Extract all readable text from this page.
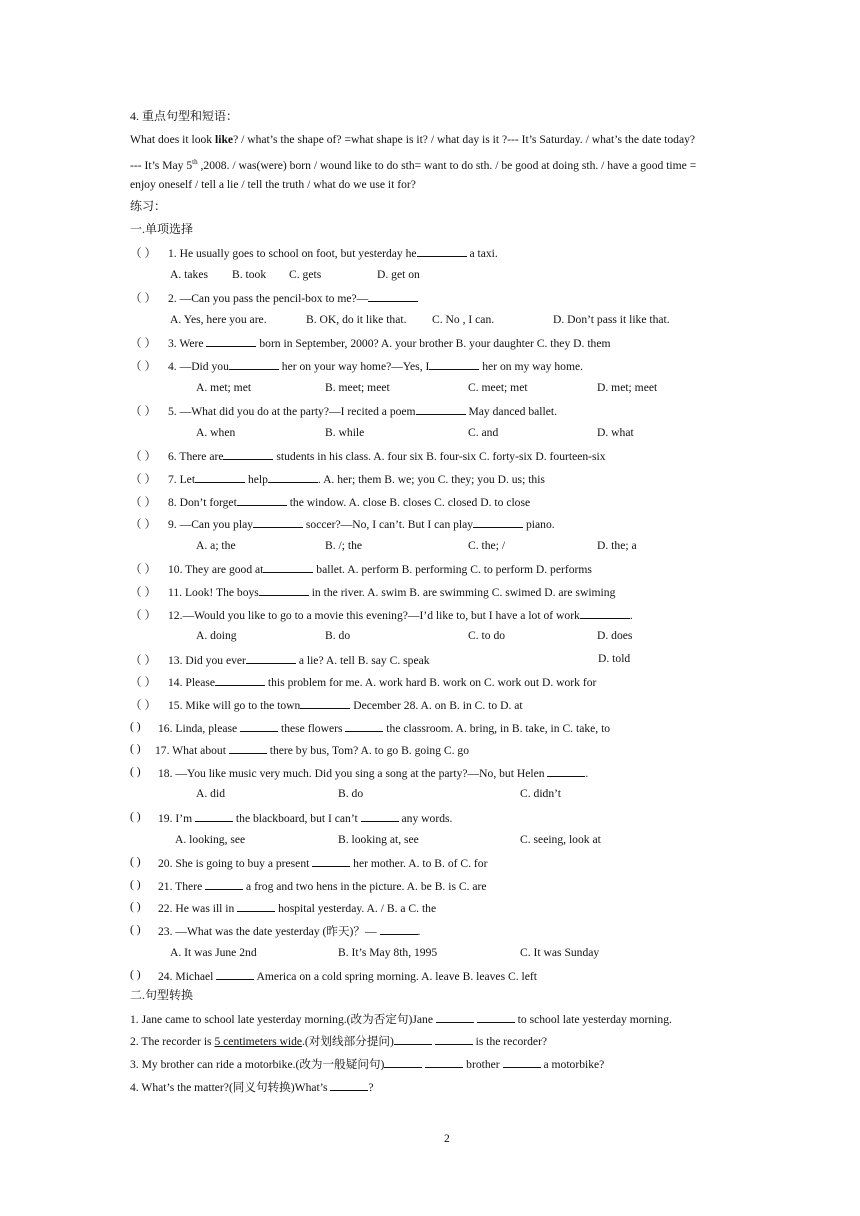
4. 重点句型和短语：
What does it look like? / what’s the shape of? =what shape is it? / what day is it ?--- It’s Saturday. / what’s the date today?
--- It’s May 5th ,2008. / was(were) born / wound like to do sth= want to do sth. / be good at doing sth. / have a good time =
enjoy oneself / tell a lie / tell the truth / what do we use it for?
练习：
一.单项选择
（ ） 1. He usually goes to school on foot, but yesterday he	a taxi.
A. takes B. took C. gets	D. get on
（ ） 2. —Can you pass the pencil-box to me?—
A. Yes, here you are.	B. OK, do it like that. C. No , I can.	D. Don’t pass it like that.
（ ） 3. Were	born in September, 2000? A. your brother B. your daughter C. they D. them
（ ） 4. —Did you	her on your way home?—Yes, I	her on my way home.
A. met; met	B. meet; meet	C. meet; met	D. met; meet
（ ） 5. —What did you do at the party?—I recited a poem	May danced ballet.
A. when	B. while	C. and	D. what
（ ） 6. There are	students in his class. A. four six B. four-six C. forty-six D. fourteen-six
（ ） 7. Let	help	. A. her; them B. we; you C. they; you D. us; this
（ ） 8. Don’t forget	the window. A. close B. closes C. closed D. to close
（ ） 9. —Can you play	soccer?—No, I can’t. But I can play	piano.
A. a; the	B. /; the	C. the; /	D. the; a
（ ） 10. They are good at	ballet. A. perform B. performing C. to perform D. performs
（ ） 11. Look! The boys	in the river. A. swim B. are swimming C. swimed D. are swiming
（ ） 12.—Would you like to go to a movie this evening?—I’d like to, but I have a lot of work	.
A. doing	B. do	C. to do	D. does
（ ） 13. Did you ever	a lie? A. tell B. say C. speak	D. told
（ ） 14. Please	this problem for me. A. work hard B. work on C. work out D. work for
（ ） 15. Mike will go to the town	December 28. A. on B. in C. to D. at
( ) 16. Linda, please	these flowers	the classroom. A. bring, in B. take, in C. take, to
( ) 17. What about	there by bus, Tom? A. to go B. going C. go
( ) 18. —You like music very much. Did you sing a song at the party?—No, but Helen	.
A. did	B. do	C. didn’t
( ) 19. I’m	the blackboard, but I can’t	any words.
A. looking, see	B. looking at, see	C. seeing, look at
( ) 20. She is going to buy a present	her mother. A. to B. of C. for
( ) 21. There	a frog and two hens in the picture. A. be B. is C. are
( ) 22. He was ill in	hospital yesterday. A. / B. a C. the
( ) 23. —What was the date yesterday (昨天)？—	.
A. It was June 2nd	B. It’s May 8th, 1995	C. It was Sunday
( ) 24. Michael	America on a cold spring morning. A. leave B. leaves C. left
二.句型转换
1. Jane came to school late yesterday morning.(改为否定句)Jane	to school late yesterday morning.
2. The recorder is 5 centimeters wide.(对划线部分提问)	is the recorder?
3. My brother can ride a motorbike.(改为一般疑问句)	brother	a motorbike?
4. What’s the matter?(同义句转换)What’s	?
2
